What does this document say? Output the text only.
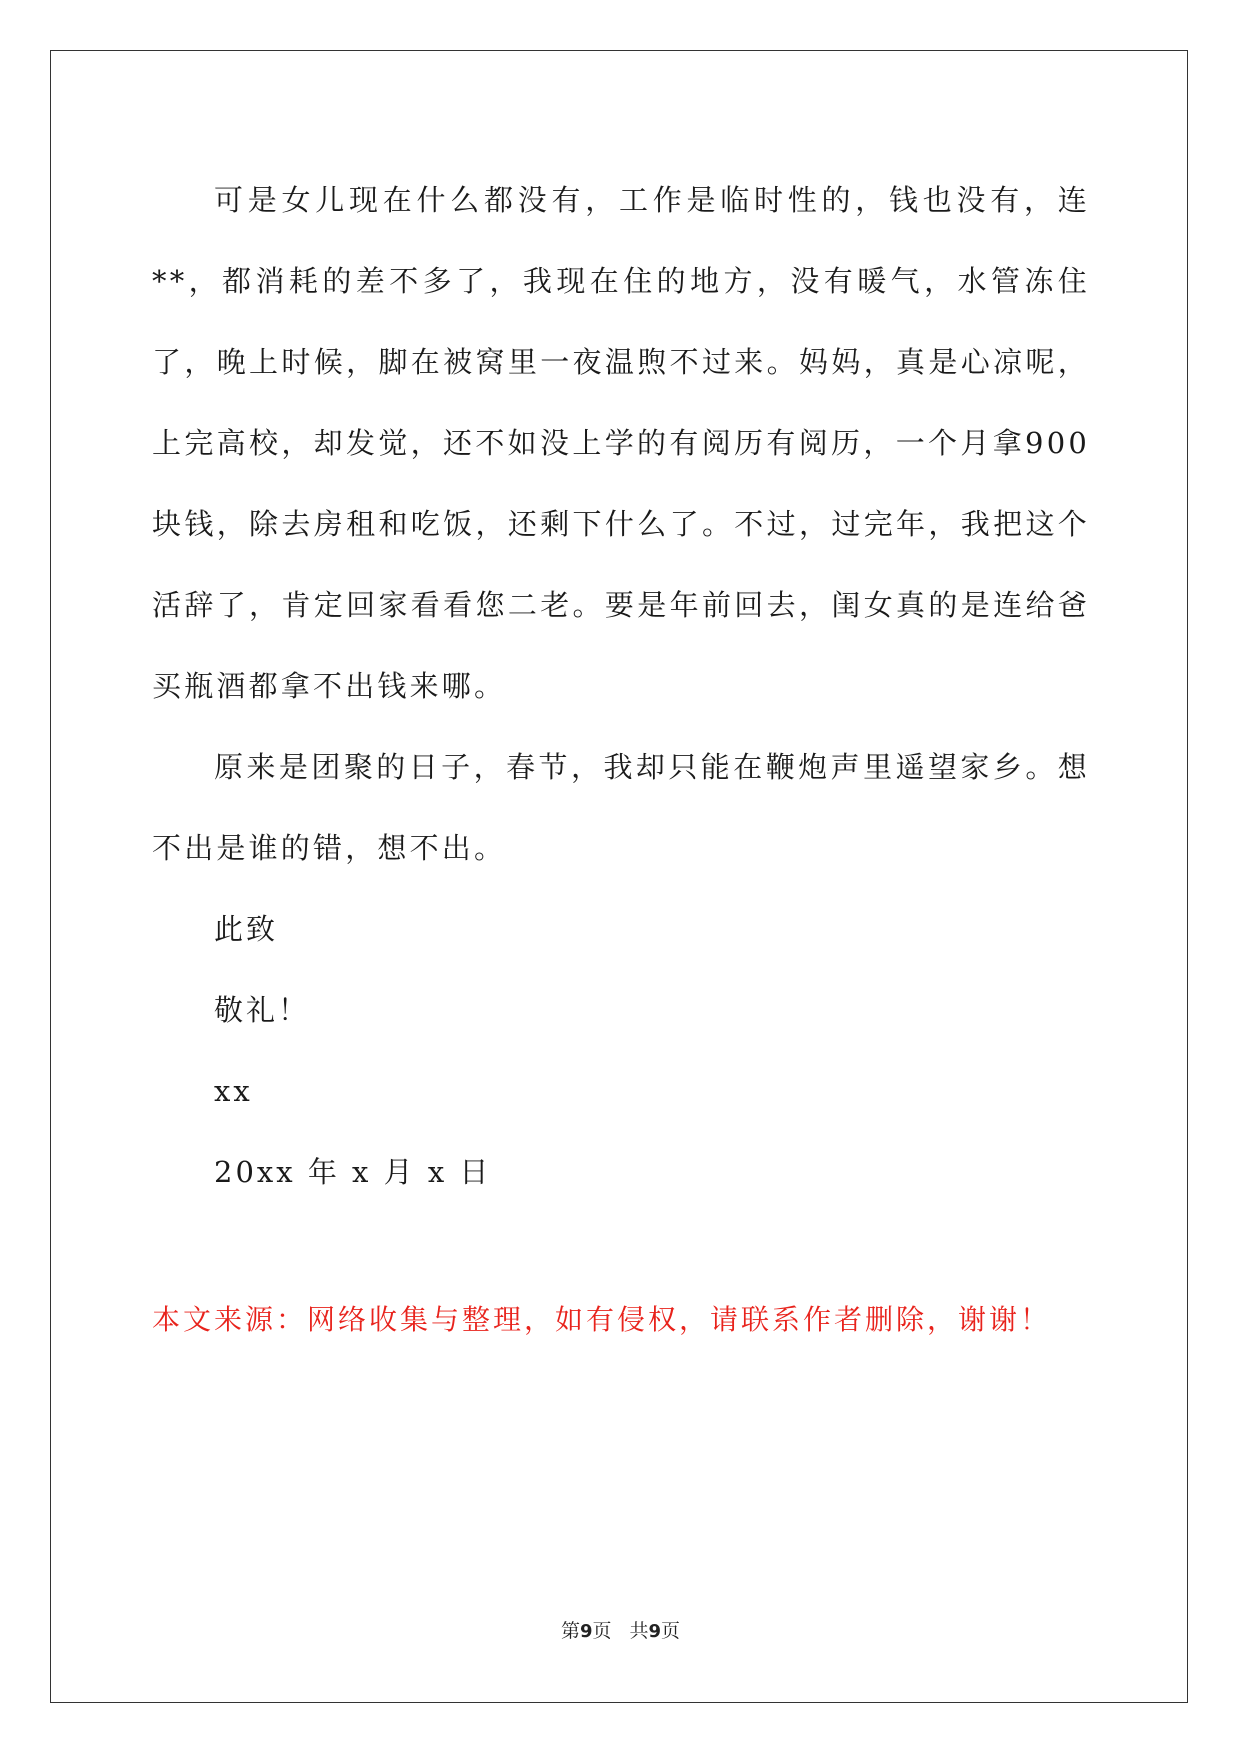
可是女儿现在什么都没有，工作是临时性的，钱也没有，连**，都消耗的差不多了，我现在住的地方，没有暖气，水管冻住了，晚上时候，脚在被窝里一夜温煦不过来。妈妈，真是心凉呢，上完高校，却发觉，还不如没上学的有阅历有阅历，一个月拿900块钱，除去房租和吃饭，还剩下什么了。不过，过完年，我把这个活辞了，肯定回家看看您二老。要是年前回去，闺女真的是连给爸买瓶酒都拿不出钱来哪。

原来是团聚的日子，春节，我却只能在鞭炮声里遥望家乡。想不出是谁的错，想不出。

此致

敬礼！

xx

20xx 年 x 月 x 日

本文来源：网络收集与整理，如有侵权，请联系作者删除，谢谢！

第9页 共9页
